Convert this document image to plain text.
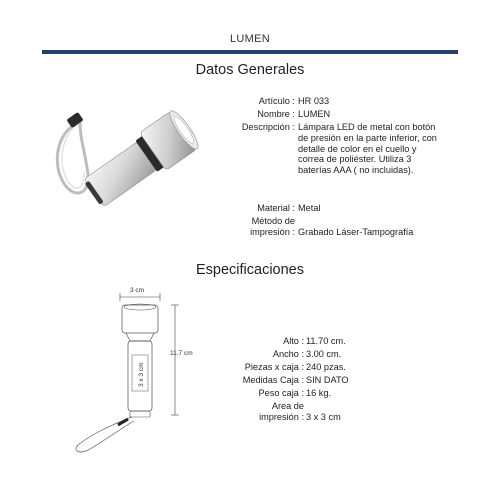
LUMEN
Datos Generales
Artículo : HR 033
Nombre : LUMEN
Descripción : Lámpara LED de metal con botón
de presión en la parte inferior, con
detalle de color en el cuello y
correa de poliéster. Utiliza 3
baterías AAA ( no incluidas).
Material : Metal
Método de
impresión : Grabado Láser-Tampografía
Especificaciones
3 cm
11.7 cm
3 x 3 cm
Alto : 11.70 cm.
Ancho : 3.00 cm.
Piezas x caja : 240 pzas.
Medidas Caja : SIN DATO
Peso caja : 16 kg.
Area de
impresión : 3 x 3 cm
